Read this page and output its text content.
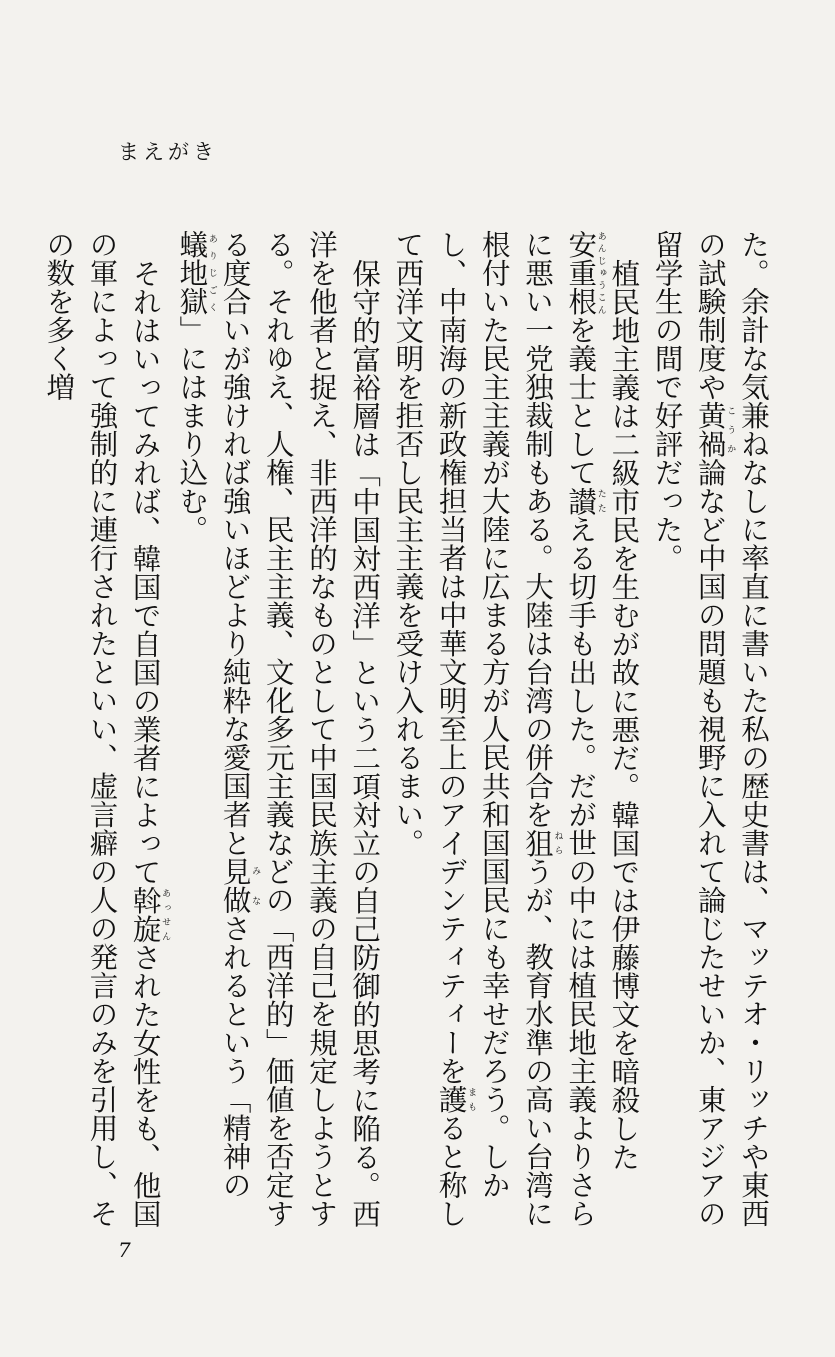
まえがき

た。余計な気兼ねなしに率直に書いた私の歴史書は、マッテオ・リッチや東西の試験制度や黄禍こうか論など中国の問題も視野に入れて論じたせいか、東アジアの留学生の間で好評だった。

植民地主義は二級市民を生むが故に悪だ。韓国では伊藤博文を暗殺した安重根あんじゅうこんを義士として讃たたえる切手も出した。だが世の中には植民地主義よりさらに悪い一党独裁制もある。大陸は台湾の併合を狙ねらうが、教育水準の高い台湾に根付いた民主主義が大陸に広まる方が人民共和国国民にも幸せだろう。しかし、中南海の新政権担当者は中華文明至上のアイデンティティーを護まもると称して西洋文明を拒否し民主主義を受け入れるまい。

保守的富裕層は「中国対西洋」という二項対立の自己防御的思考に陥る。西洋を他者と捉え、非西洋的なものとして中国民族主義の自己を規定しようとする。それゆえ、人権、民主主義、文化多元主義などの「西洋的」価値を否定する度合いが強ければ強いほどより純粋な愛国者と見做みなされるという「精神の蟻地獄ありじごく」にはまり込む。

それはいってみれば、韓国で自国の業者によって斡旋あっせんされた女性をも、他国の軍によって強制的に連行されたといい、虚言癖の人の発言のみを引用し、その数を多く増

7
